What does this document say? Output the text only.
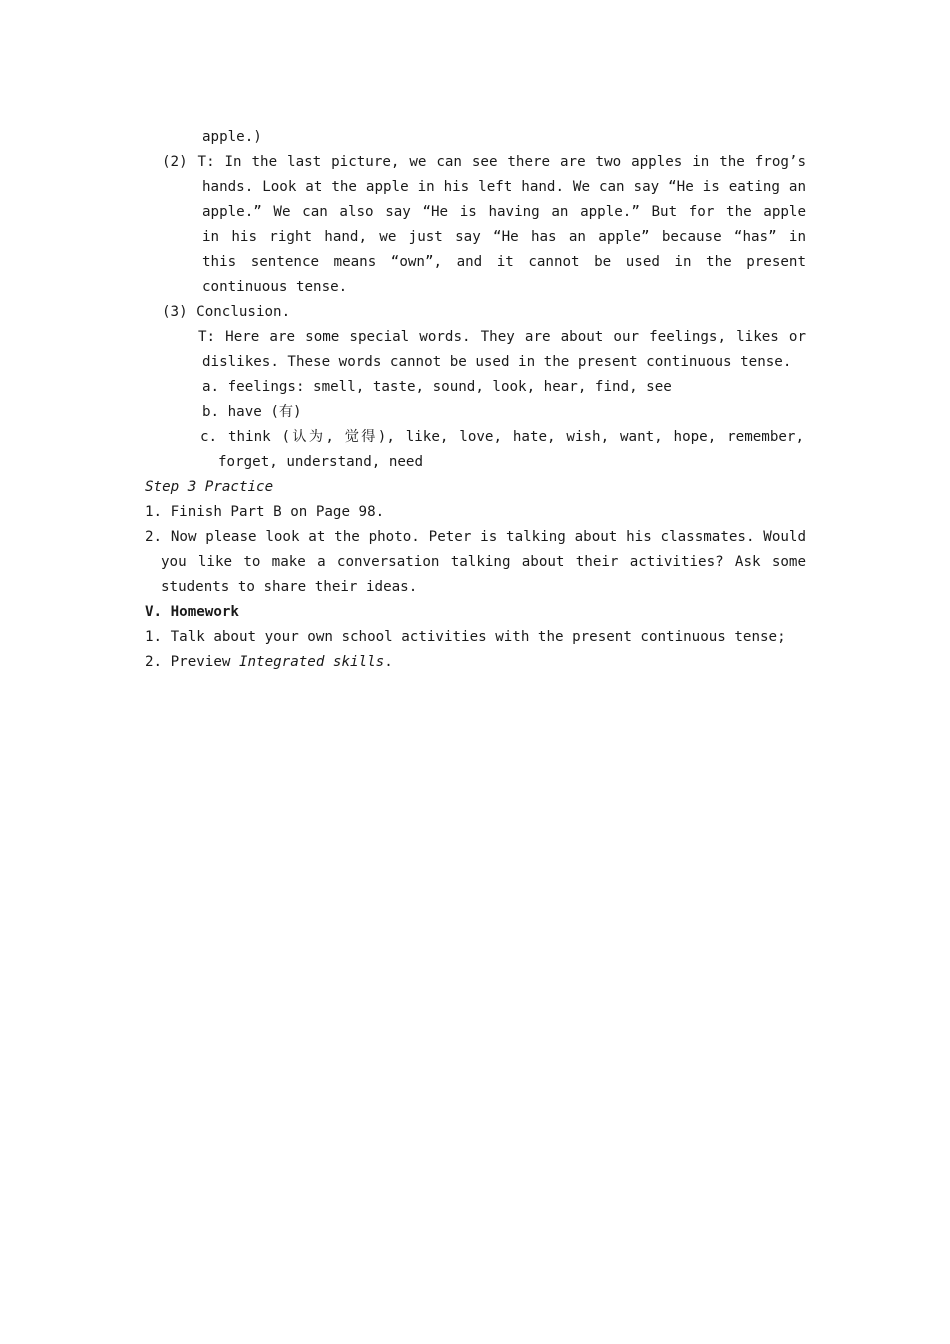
apple.)
(2) T: In the last picture, we can see there are two apples in the frog’s
hands. Look at the apple in his left hand. We can say “He is eating an
apple.” We can also say “He is having an apple.” But for the apple
in his right hand, we just say “He has an apple” because “has” in
this sentence means “own”, and it cannot be used in the present
continuous tense.
(3) Conclusion.
T: Here are some special words. They are about our feelings, likes or
dislikes. These words cannot be used in the present continuous tense.
a. feelings: smell, taste, sound, look, hear, find, see
b. have (有)
c. think (认为, 觉得), like, love, hate, wish, want, hope, remember,
forget, understand, need
Step 3 Practice
1. Finish Part B on Page 98.
2. Now please look at the photo. Peter is talking about his classmates. Would
you like to make a conversation talking about their activities? Ask some
students to share their ideas.
V. Homework
1. Talk about your own school activities with the present continuous tense;
2. Preview Integrated skills.
